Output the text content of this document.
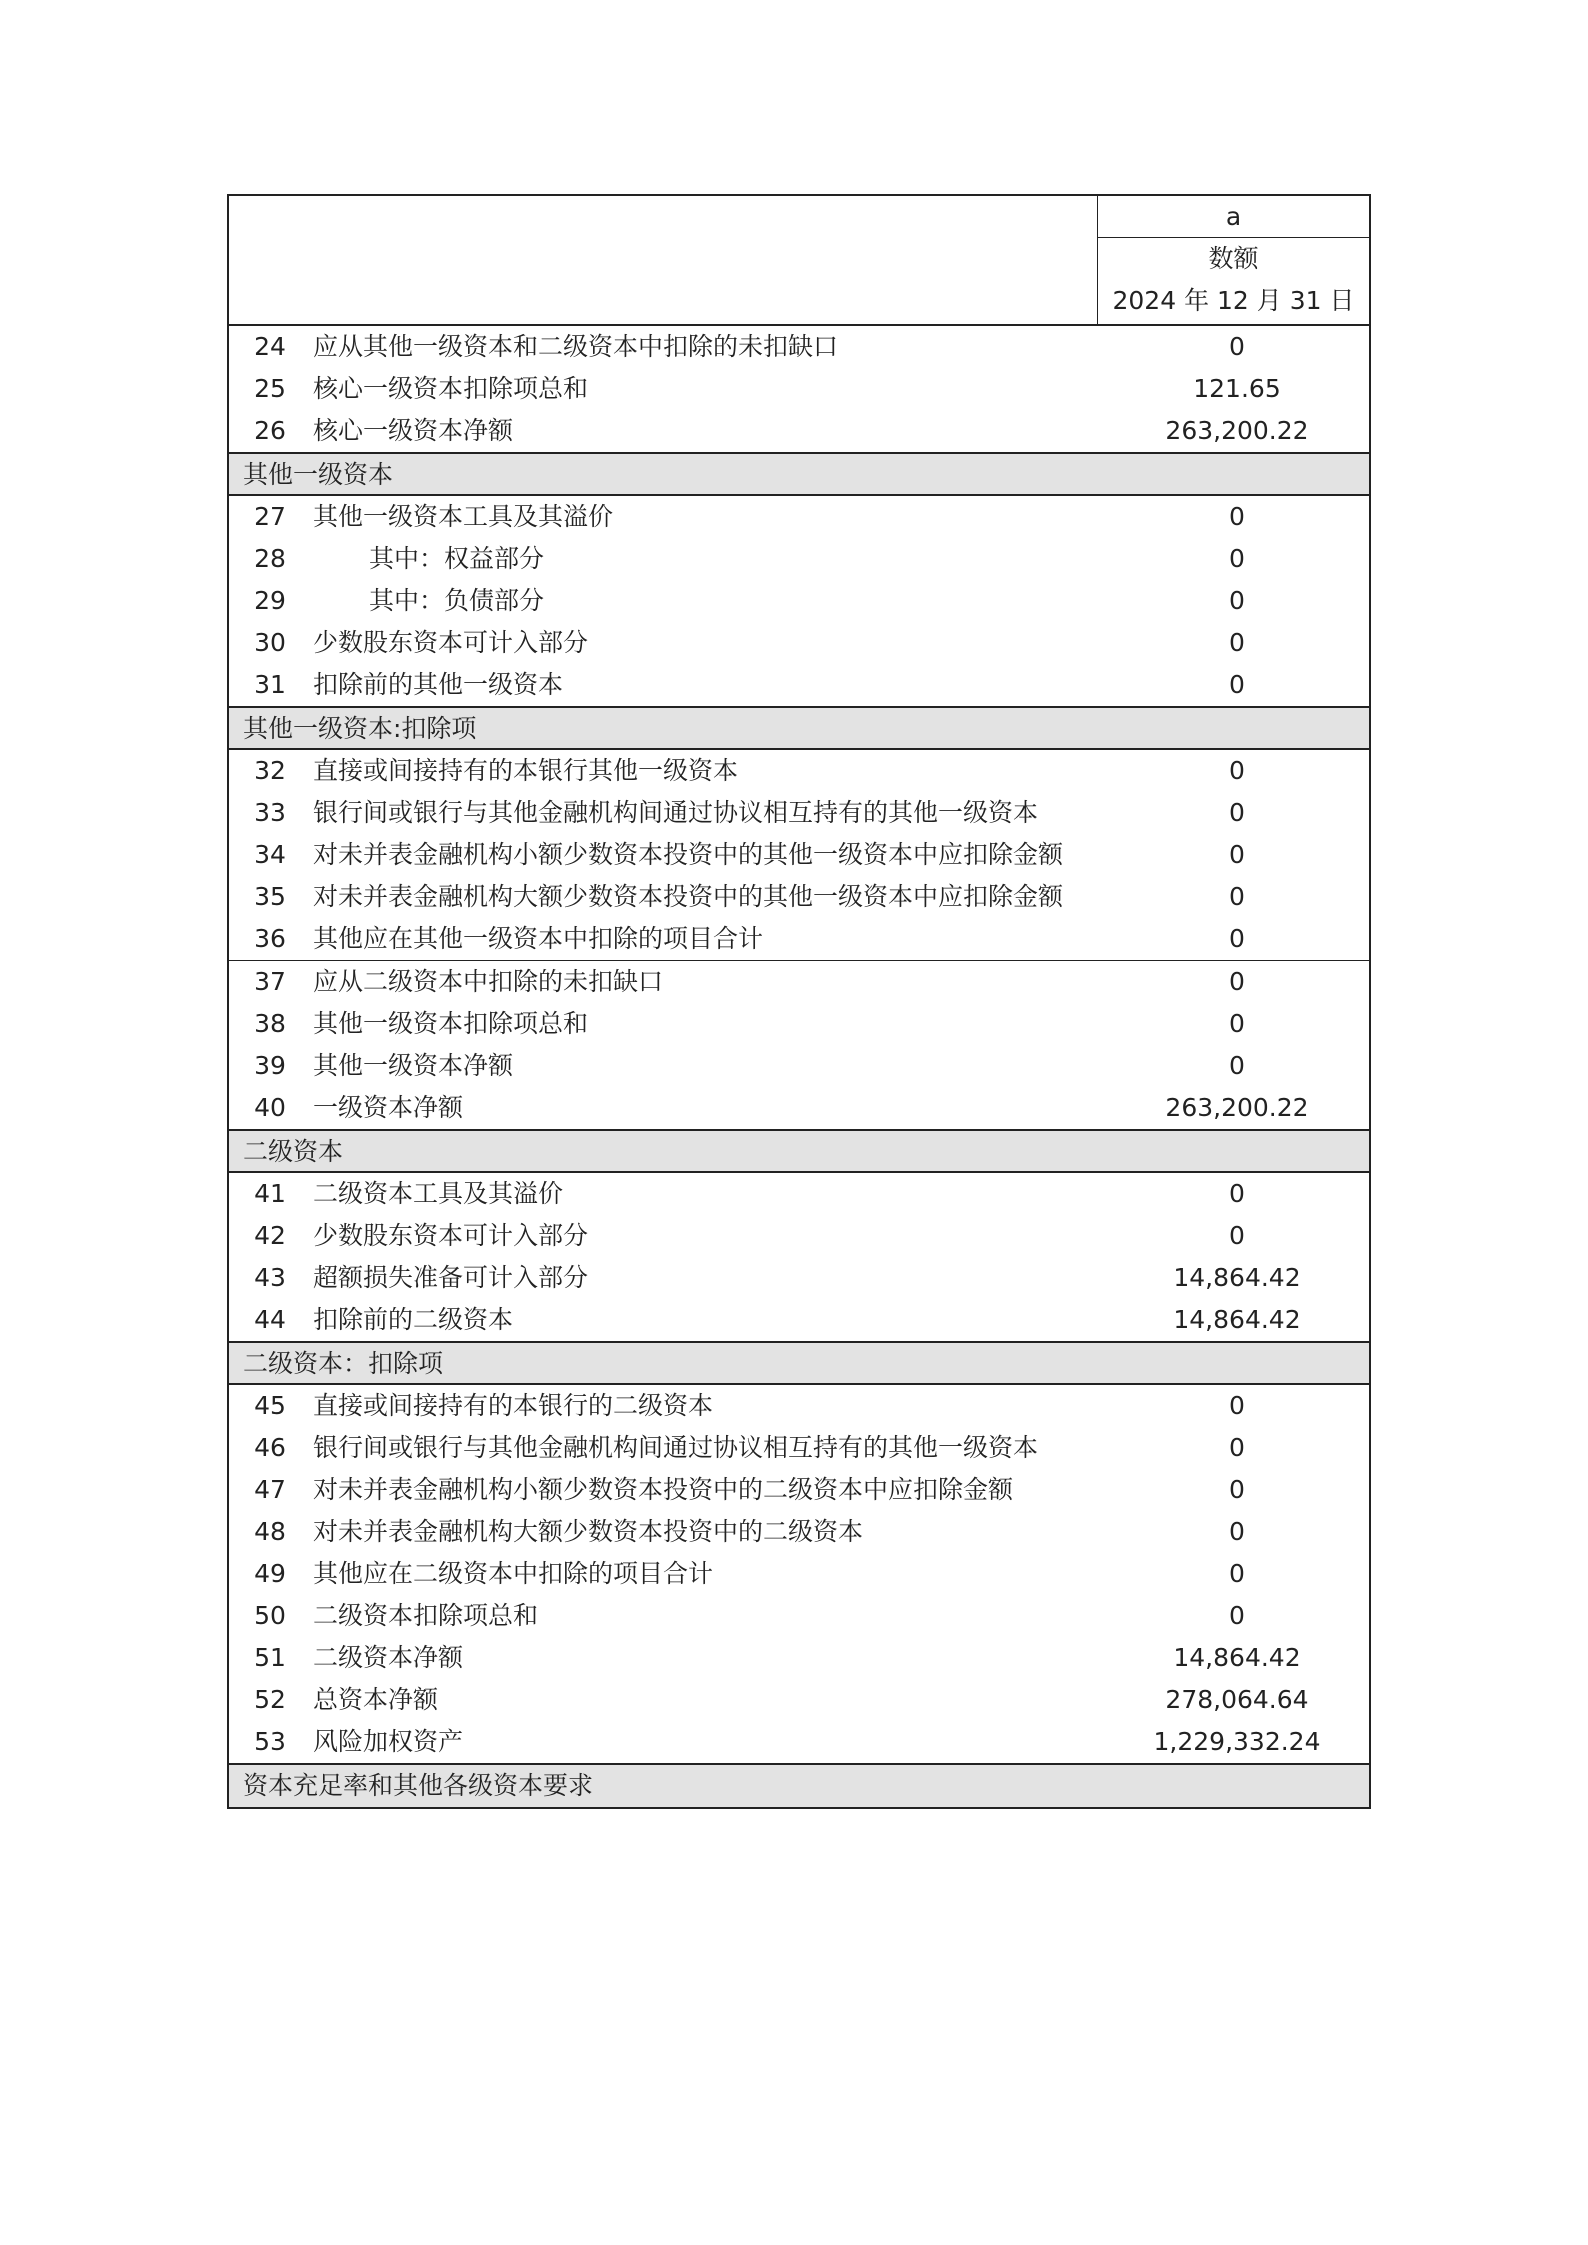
a
数额
2024 年 12 月 31 日
24	应从其他一级资本和二级资本中扣除的未扣缺口	0
25	核心一级资本扣除项总和	121.65
26	核心一级资本净额	263,200.22
其他一级资本
27	其他一级资本工具及其溢价	0
28	其中：权益部分	0
29	其中：负债部分	0
30	少数股东资本可计入部分	0
31	扣除前的其他一级资本	0
其他一级资本:扣除项
32	直接或间接持有的本银行其他一级资本	0
33	银行间或银行与其他金融机构间通过协议相互持有的其他一级资本	0
34	对未并表金融机构小额少数资本投资中的其他一级资本中应扣除金额	0
35	对未并表金融机构大额少数资本投资中的其他一级资本中应扣除金额	0
36	其他应在其他一级资本中扣除的项目合计	0
37	应从二级资本中扣除的未扣缺口	0
38	其他一级资本扣除项总和	0
39	其他一级资本净额	0
40	一级资本净额	263,200.22
二级资本
41	二级资本工具及其溢价	0
42	少数股东资本可计入部分	0
43	超额损失准备可计入部分	14,864.42
44	扣除前的二级资本	14,864.42
二级资本：扣除项
45	直接或间接持有的本银行的二级资本	0
46	银行间或银行与其他金融机构间通过协议相互持有的其他一级资本	0
47	对未并表金融机构小额少数资本投资中的二级资本中应扣除金额	0
48	对未并表金融机构大额少数资本投资中的二级资本	0
49	其他应在二级资本中扣除的项目合计	0
50	二级资本扣除项总和	0
51	二级资本净额	14,864.42
52	总资本净额	278,064.64
53	风险加权资产	1,229,332.24
资本充足率和其他各级资本要求
